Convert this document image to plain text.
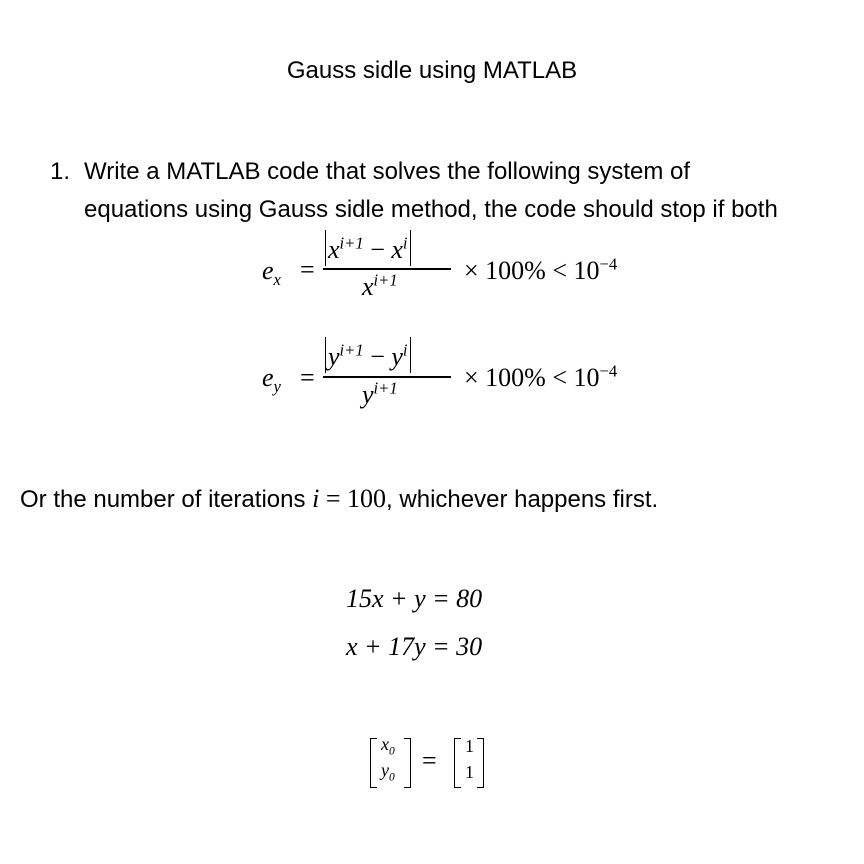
Gauss sidle using MATLAB
1. Write a MATLAB code that solves the following system of
equations using Gauss sidle method, the code should stop if both
$e_x$ =
$x^{i+1} - x^i$
$x^{i+1}$	× $100\% < 10^{-4}$
$e_y$ =
$y^{i+1} - y^i$
$y^{i+1}$	× $100\% < 10^{-4}$
Or the number of iterations i = 100, whichever happens first.
15x + y = 80
x + 17y = 30
$x_0$
$y_0$
= 1
1
